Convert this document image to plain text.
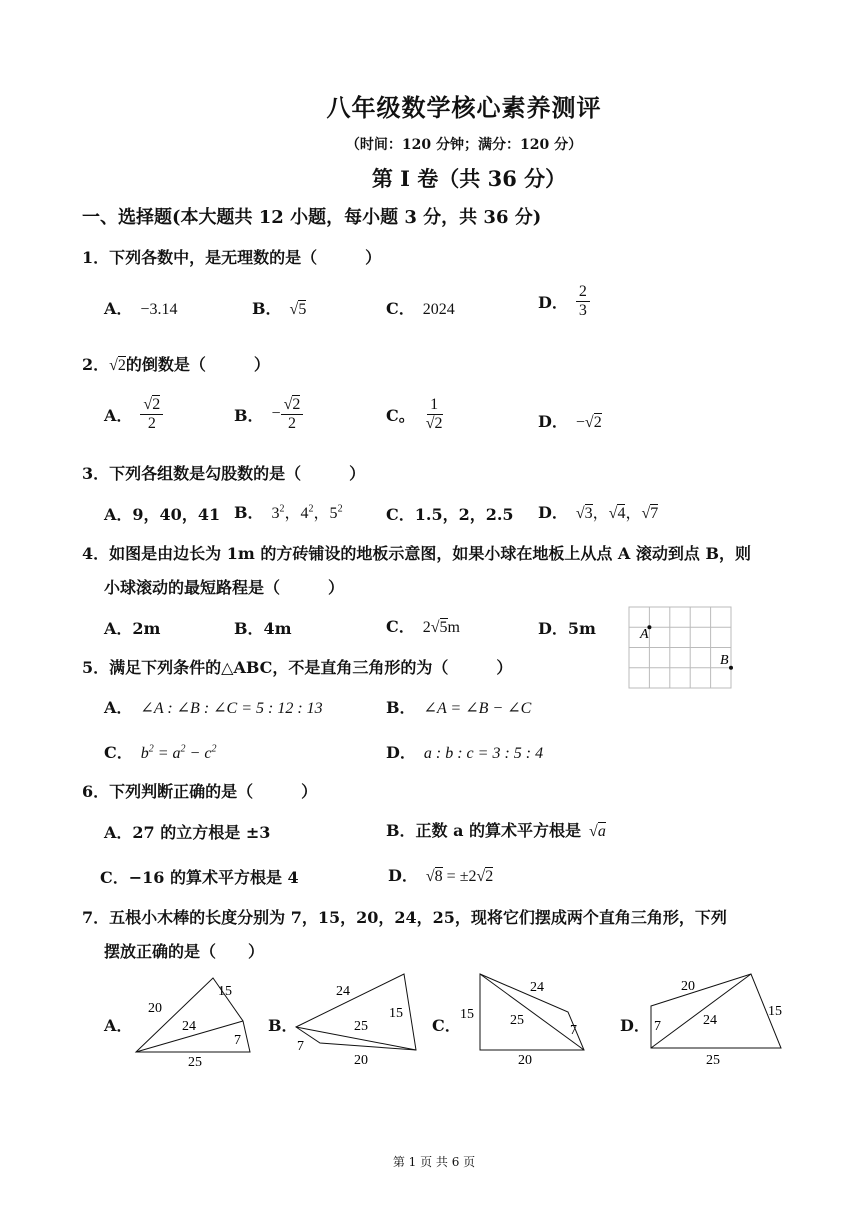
八年级数学核心素养测评
（时间：120 分钟；满分：120 分）
第 I 卷（共 36 分）
一、选择题(本大题共 12 小题，每小题 3 分，共 36 分)
1．下列各数中，是无理数的是（　　　）
A． −3.14	B． √5	C． 2024	D． $\frac{2}{3}$
2．√2的倒数是（　　　）
A． $\frac{√2}{2}$	B． − $\frac{√2}{2}$	C。 $\frac{1}{√2}$	D． −√2
3．下列各组数是勾股数的是（　　　）
A．9，40，41 B． $3^2$，$4^2$，$5^2$	C．1.5，2，2.5 D． √3，√4，√7
4．如图是由边长为 1m 的方砖铺设的地板示意图，如果小球在地板上从点 A 滚动到点 B，则
小球滚动的最短路程是（　　　）
A．2m	B．4m	C． 2√5m	D．5m	A
B
5．满足下列条件的△ABC，不是直角三角形的为（　　　）
A． ∠A : ∠B : ∠C = 5 : 12 : 13	B． ∠A = ∠B − ∠C
C． $b^2 = a^2 - c^2$	D． a : b : c = 3 : 5 : 4
6．下列判断正确的是（　　　）
A．27 的立方根是 ±3	B．正数 a 的算术平方根是 √a
C．−16 的算术平方根是 4	D． √8 = ±2√2
7．五根小木棒的长度分别为 7，15，20，24，25，现将它们摆成两个直角三角形，下列
摆放正确的是（　　）
A．
20
15
24
7
25
B．
24
15
25
7
20
C．
15
24
25
7
20
D．
20
15
24
7
25
第 1 页 共 6 页
